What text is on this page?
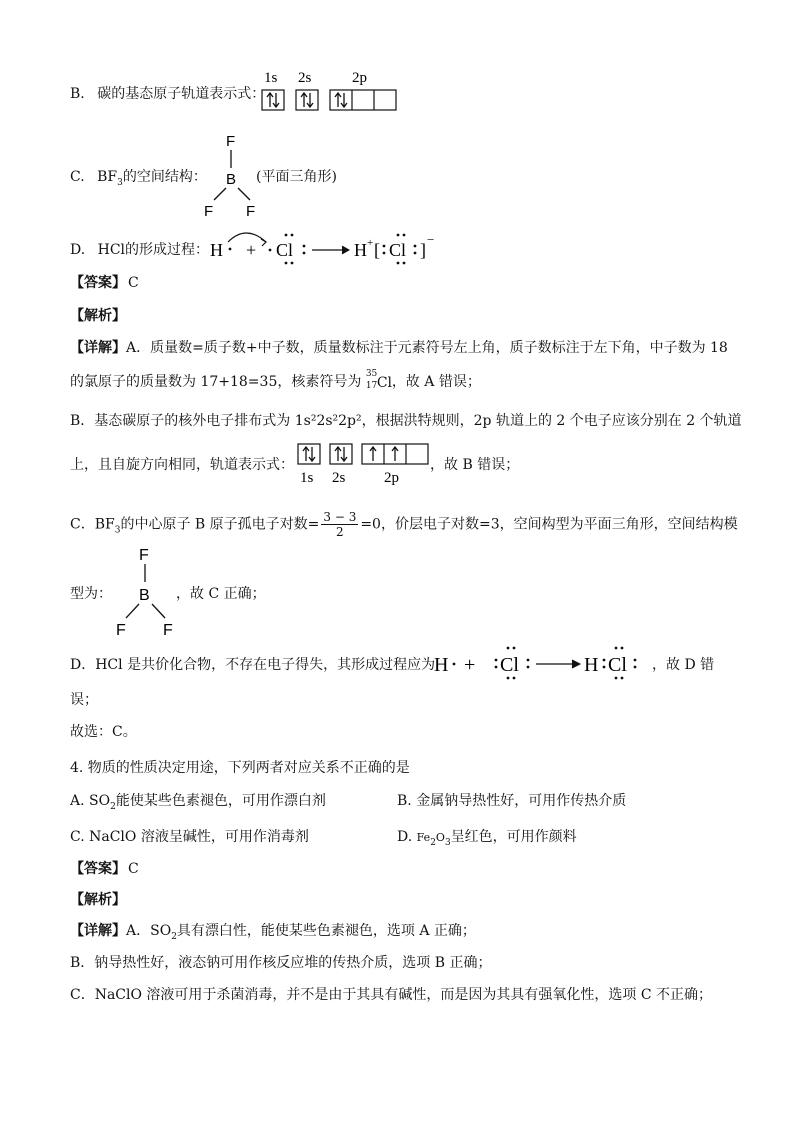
B. 碳的基态原子轨道表示式：
1s 2s	2p
C. $BF_3$的空间结构：
F
B
F F
(平面三角形)
D. HCl的形成过程： H + Cl	H + [ Cl ]
−
【答案】 C
【解析】
【详解】A．质量数=质子数+中子数，质量数标注于元素符号左上角，质子数标注于左下角，中子数为 18
的氯原子的质量数为 17+18=35，核素符号为 35
17 Cl ，故 A 错误；
B．基态碳原子的核外电子排布式为 1s²2s²2p²，根据洪特规则，2p 轨道上的 2 个电子应该分别在 2 个轨道
上，且自旋方向相同，轨道表示式：
1s 2s	2p
，故 B 错误；
C．$BF_3$的中心原子 B 原子孤电子对数= $\frac{3 - 3}{2} =0$，价层电子对数=3，空间构型为平面三角形，空间结构模
型为：
F
B
F F
，故 C 正确；
D．HCl 是共价化合物，不存在电子得失，其形成过程应为
H + Cl	H Cl ，故 D 错
误；
故选：C。
4. 物质的性质决定用途，下列两者对应关系不正确的是
A. $SO_2$能使某些色素褪色，可用作漂白剂	B. 金属钠导热性好，可用作传热介质
C. NaClO 溶液呈碱性，可用作消毒剂	D. $Fe_2O_3$呈红色，可用作颜料
【答案】 C
【解析】
【详解】A．$SO_2$具有漂白性，能使某些色素褪色，选项 A 正确；
B．钠导热性好，液态钠可用作核反应堆的传热介质，选项 B 正确；
C．NaClO 溶液可用于杀菌消毒，并不是由于其具有碱性，而是因为其具有强氧化性，选项 C 不正确；
